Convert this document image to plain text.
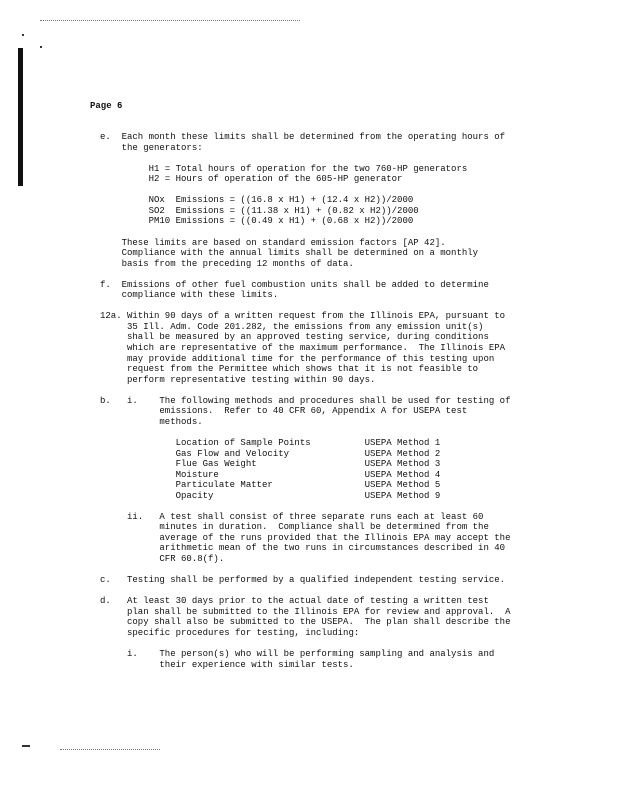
Page 6
e.  Each month these limits shall be determined from the operating hours of
the generators:
H1 = Total hours of operation for the two 760-HP generators
H2 = Hours of operation of the 605-HP generator
NOx  Emissions = ((16.8 x H1) + (12.4 x H2))/2000
SO2  Emissions = ((11.38 x H1) + (0.82 x H2))/2000
PM10 Emissions = ((0.49 x H1) + (0.68 x H2))/2000
These limits are based on standard emission factors [AP 42].
Compliance with the annual limits shall be determined on a monthly
basis from the preceding 12 months of data.
f.  Emissions of other fuel combustion units shall be added to determine
compliance with these limits.
12a. Within 90 days of a written request from the Illinois EPA, pursuant to
35 Ill. Adm. Code 201.282, the emissions from any emission unit(s)
shall be measured by an approved testing service, during conditions
which are representative of the maximum performance.  The Illinois EPA
may provide additional time for the performance of this testing upon
request from the Permittee which shows that it is not feasible to
perform representative testing within 90 days.
b.   i.    The following methods and procedures shall be used for testing of
emissions.  Refer to 40 CFR 60, Appendix A for USEPA test
methods.
Location of Sample Points          USEPA Method 1
Gas Flow and Velocity              USEPA Method 2
Flue Gas Weight                    USEPA Method 3
Moisture                           USEPA Method 4
Particulate Matter                 USEPA Method 5
Opacity                            USEPA Method 9
ii.   A test shall consist of three separate runs each at least 60
minutes in duration.  Compliance shall be determined from the
average of the runs provided that the Illinois EPA may accept the
arithmetic mean of the two runs in circumstances described in 40
CFR 60.8(f).
c.   Testing shall be performed by a qualified independent testing service.
d.   At least 30 days prior to the actual date of testing a written test
plan shall be submitted to the Illinois EPA for review and approval.  A
copy shall also be submitted to the USEPA.  The plan shall describe the
specific procedures for testing, including:
i.    The person(s) who will be performing sampling and analysis and
their experience with similar tests.
